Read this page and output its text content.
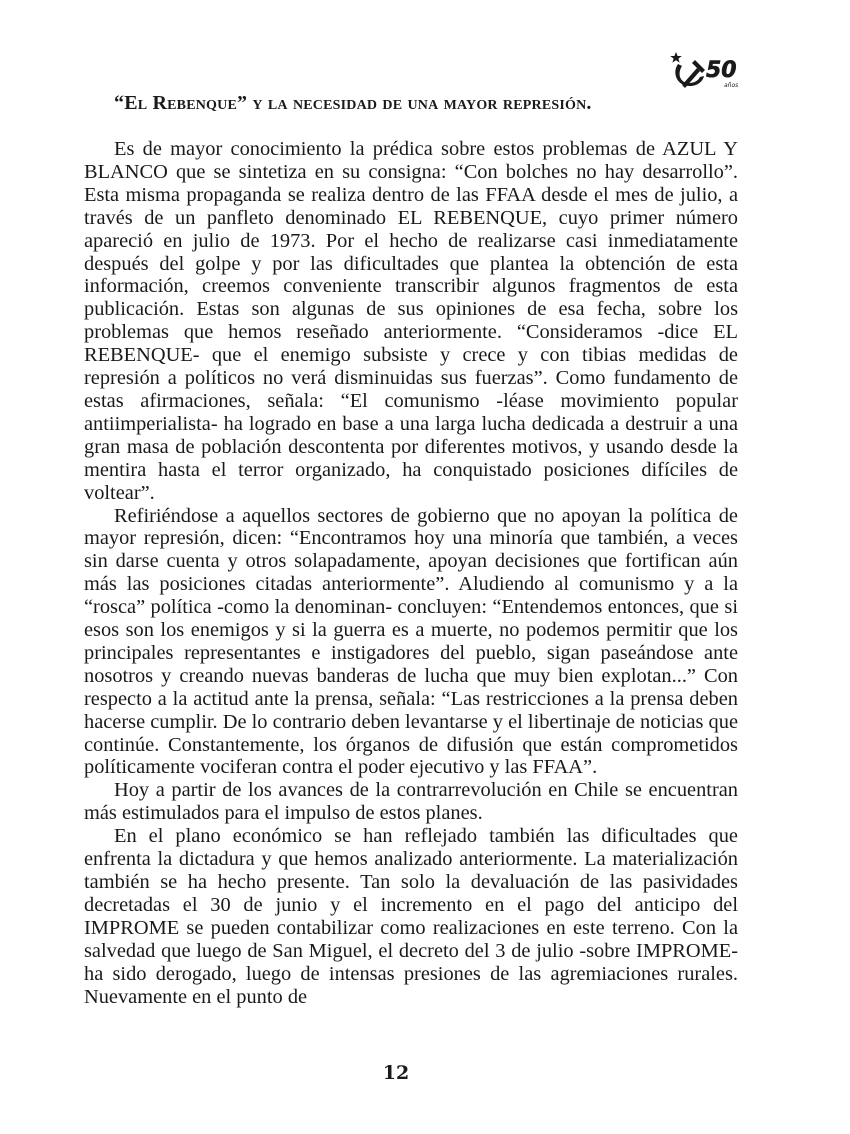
50
años
“El Rebenque” y la necesidad de una mayor represión.

Es de mayor conocimiento la prédica sobre estos problemas de AZUL Y BLANCO que se sintetiza en su consigna: “Con bolches no hay desarrollo”. Esta misma propaganda se realiza dentro de las FFAA desde el mes de julio, a través de un panfleto denominado EL REBENQUE, cuyo primer número apareció en julio de 1973. Por el hecho de realizarse casi inmediatamente después del golpe y por las dificultades que plantea la obtención de esta información, creemos conveniente transcribir algunos fragmentos de esta publicación. Estas son algunas de sus opiniones de esa fecha, sobre los problemas que hemos reseñado anteriormente. “Consideramos -dice EL REBENQUE- que el enemigo subsiste y crece y con tibias medidas de represión a políticos no verá disminuidas sus fuerzas”. Como fundamento de estas afirmaciones, señala: “El comunismo -léase movimiento popular antiimperialista- ha logrado en base a una larga lucha dedicada a destruir a una gran masa de población descontenta por diferentes motivos, y usando desde la mentira hasta el terror organizado, ha conquistado posiciones difíciles de voltear”.

Refiriéndose a aquellos sectores de gobierno que no apoyan la política de mayor represión, dicen: “Encontramos hoy una minoría que también, a veces sin darse cuenta y otros solapadamente, apoyan decisiones que fortifican aún más las posiciones citadas anteriormente”. Aludiendo al comunismo y a la “rosca” política -como la denominan- concluyen: “Entendemos entonces, que si esos son los enemigos y si la guerra es a muerte, no podemos permitir que los principales representantes e instigadores del pueblo, sigan paseándose ante nosotros y creando nuevas banderas de lucha que muy bien explotan...” Con respecto a la actitud ante la prensa, señala: “Las restricciones a la prensa deben hacerse cumplir. De lo contrario deben levantarse y el libertinaje de noticias que continúe. Constantemente, los órganos de difusión que están comprometidos políticamente vociferan contra el poder ejecutivo y las FFAA”.

Hoy a partir de los avances de la contrarrevolución en Chile se encuentran más estimulados para el impulso de estos planes.

En el plano económico se han reflejado también las dificultades que enfrenta la dictadura y que hemos analizado anteriormente. La materialización también se ha hecho presente. Tan solo la devaluación de las pasividades decretadas el 30 de junio y el incremento en el pago del anticipo del IMPROME se pueden contabilizar como realizaciones en este terreno. Con la salvedad que luego de San Miguel, el decreto del 3 de julio -sobre IMPROME- ha sido derogado, luego de intensas presiones de las agremiaciones rurales. Nuevamente en el punto de

12
